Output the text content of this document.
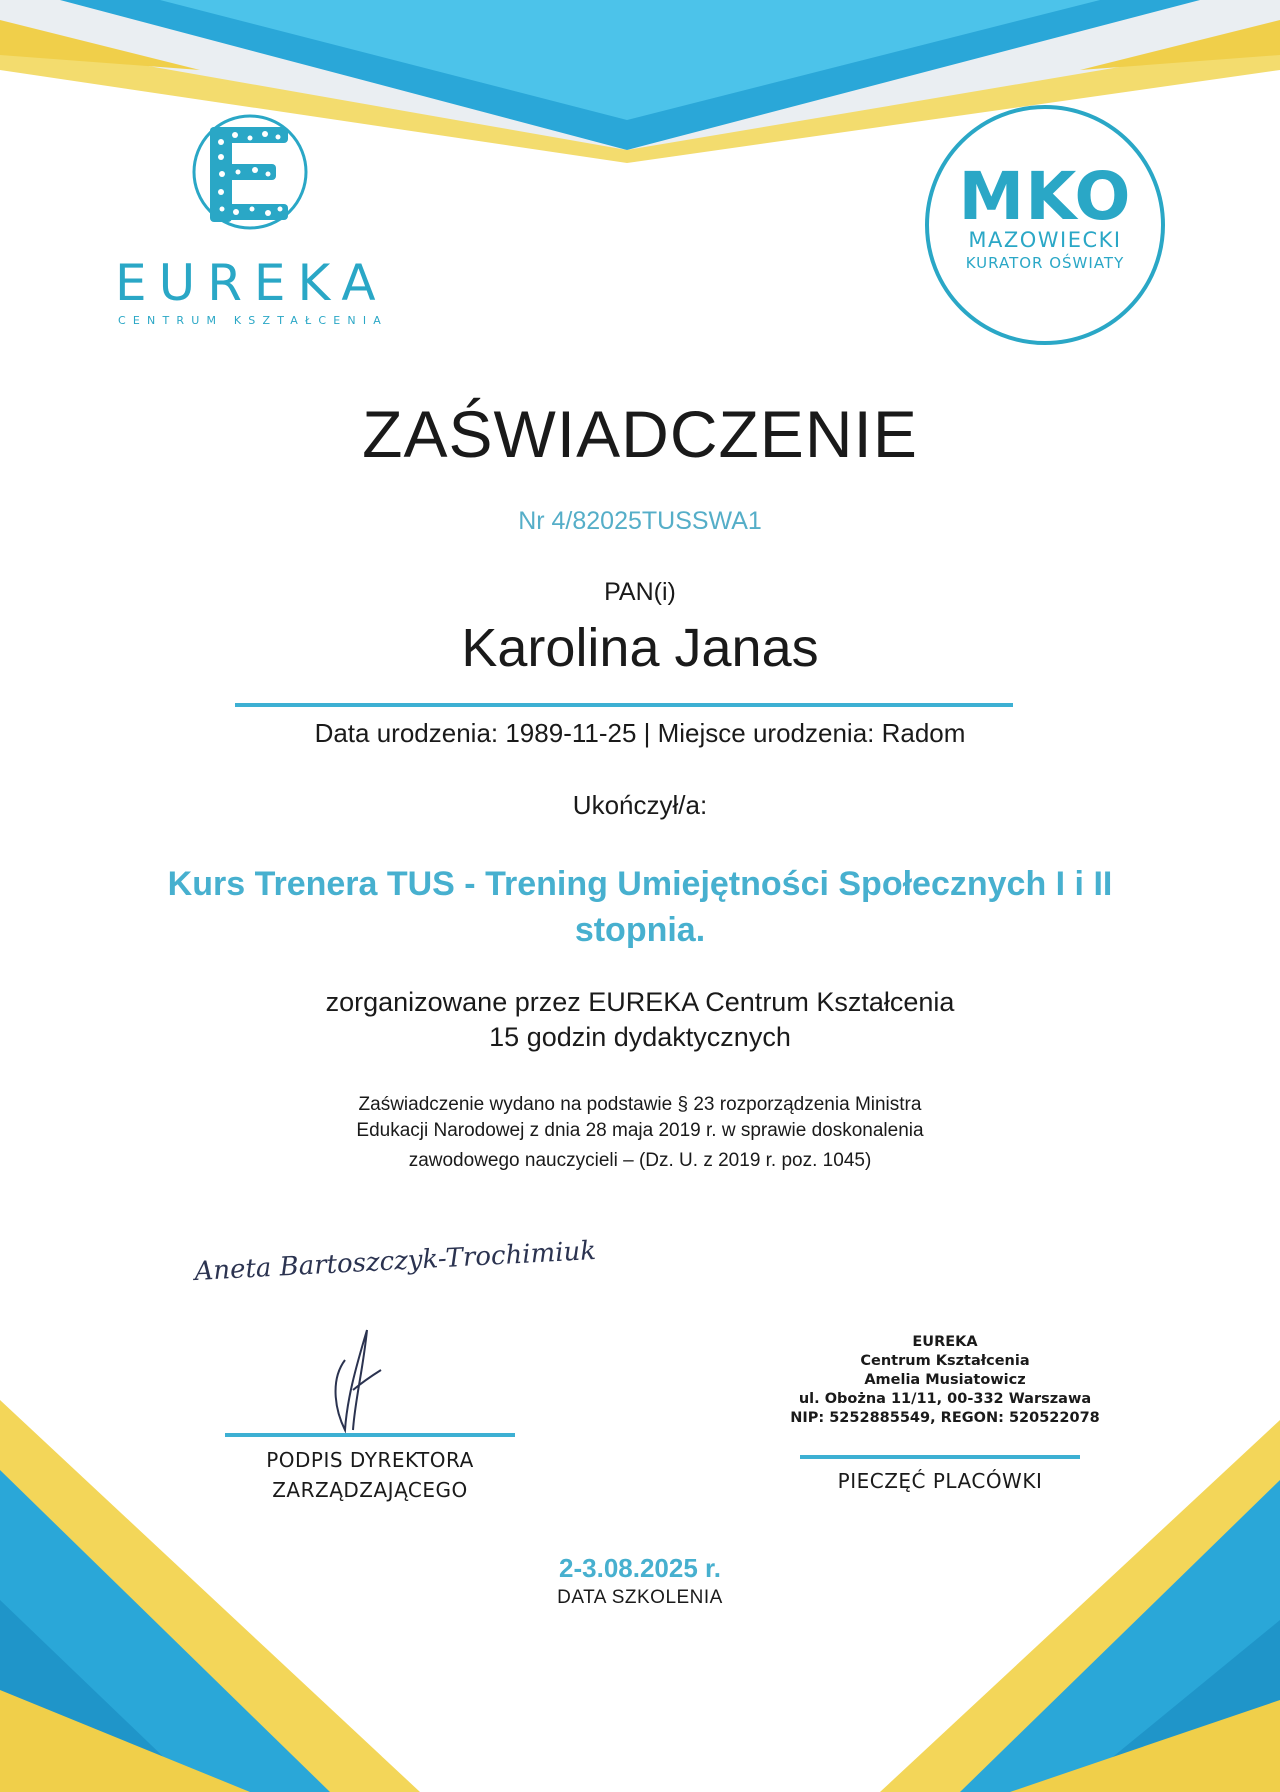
EUREKA
CENTRUM KSZTAŁCENIA
MKO
MAZOWIECKI
KURATOR OŚWIATY
ZAŚWIADCZENIE
Nr 4/82025TUSSWA1
PAN(i)
Karolina Janas
Data urodzenia: 1989-11-25 | Miejsce urodzenia: Radom
Ukończył/a:
Kurs Trenera TUS - Trening Umiejętności Społecznych I i II
stopnia.
zorganizowane przez EUREKA Centrum Kształcenia
15 godzin dydaktycznych
Zaświadczenie wydano na podstawie § 23 rozporządzenia Ministra
Edukacji Narodowej z dnia 28 maja 2019 r. w sprawie doskonalenia
zawodowego nauczycieli – (Dz. U. z 2019 r. poz. 1045)
Aneta Bartoszczyk-Trochimiuk
PODPIS DYREKTORA
ZARZĄDZAJĄCEGO
EUREKA
Centrum Kształcenia
Amelia Musiatowicz
ul. Obożna 11/11, 00-332 Warszawa
NIP: 5252885549, REGON: 520522078
PIECZĘĆ PLACÓWKI
2-3.08.2025 r.
DATA SZKOLENIA
